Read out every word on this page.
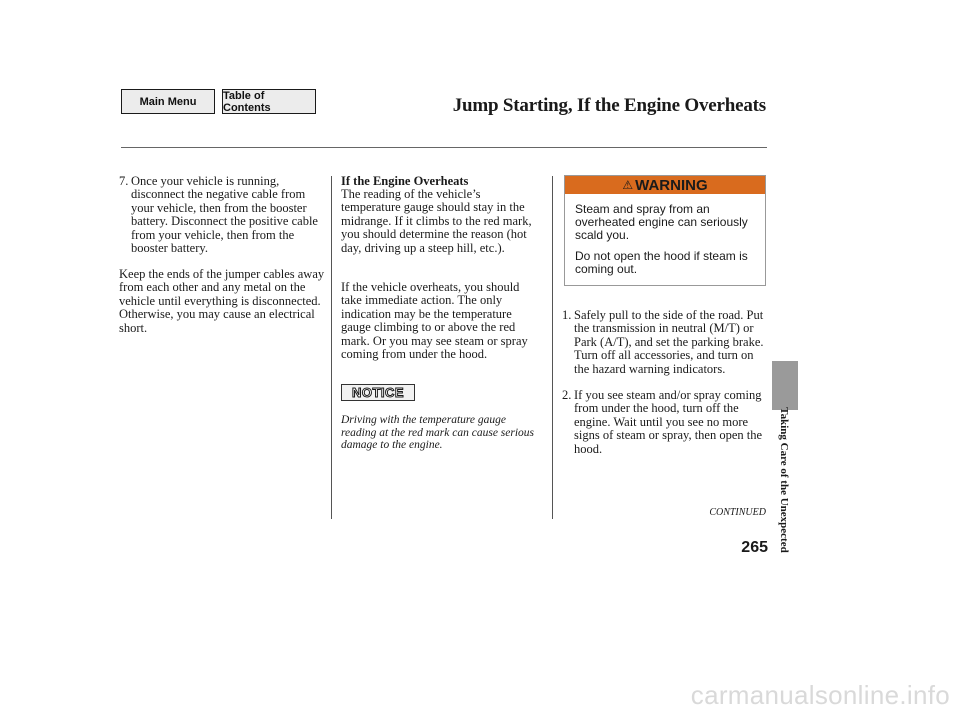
Main Menu	Table of Contents	Jump Starting, If the Engine Overheats
7. Once your vehicle is running, disconnect the negative cable from your vehicle, then from the booster battery. Disconnect the positive cable from your vehicle, then from the booster battery.
Keep the ends of the jumper cables away from each other and any metal on the vehicle until everything is disconnected. Otherwise, you may cause an electrical short.
If the Engine Overheats
The reading of the vehicle’s temperature gauge should stay in the midrange. If it climbs to the red mark, you should determine the reason (hot day, driving up a steep hill, etc.).
If the vehicle overheats, you should take immediate action. The only indication may be the temperature gauge climbing to or above the red mark. Or you may see steam or spray coming from under the hood.
NOTICE
Driving with the temperature gauge reading at the red mark can cause serious damage to the engine.
⚠ WARNING

Steam and spray from an overheated engine can seriously scald you.

Do not open the hood if steam is coming out.

1. Safely pull to the side of the road. Put the transmission in neutral (M/T) or Park (A/T), and set the parking brake. Turn off all accessories, and turn on the hazard warning indicators.
2. If you see steam and/or spray coming from under the hood, turn off the engine. Wait until you see no more signs of steam or spray, then open the hood.
CONTINUED Taking Care of the Unexpected
265
carmanualsonline.info
